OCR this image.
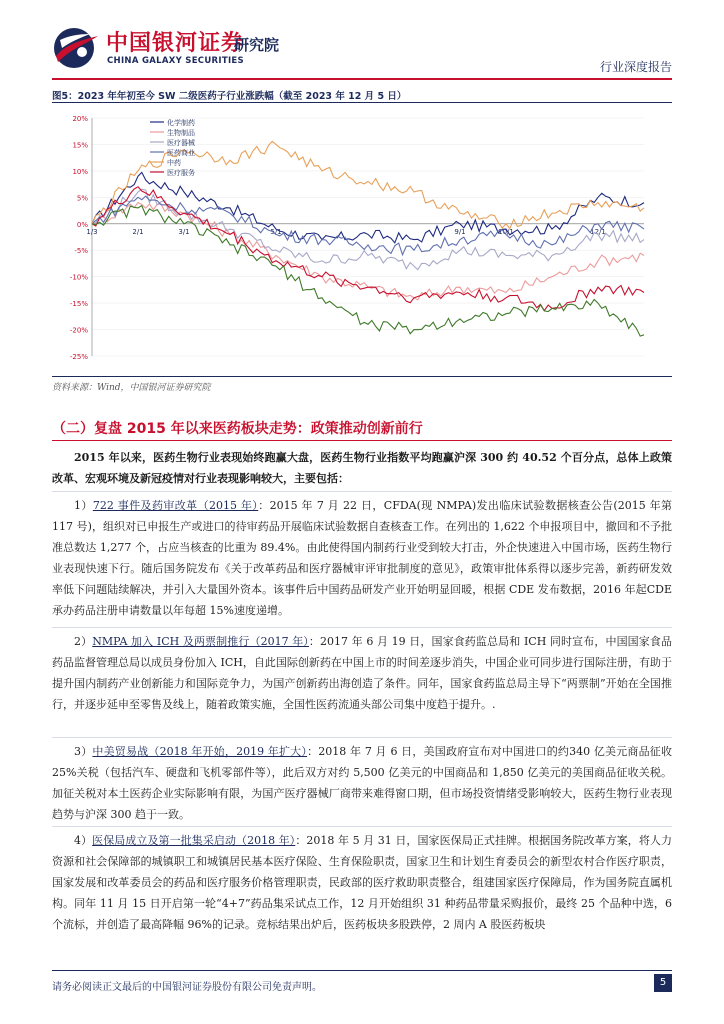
中国银河证券
CHINA GALAXY SECURITIES
研究院
行业深度报告
图5：2023 年年初至今 SW 二级医药子行业涨跌幅（截至 2023 年 12 月 5 日）
-25%
-20%
-15%
-10%
-5%
0%
5%
10%
15%
20%
1/3	2/1	3/1	5/1	9/1	10/1	12/1
化学制药
生物制品
医疗器械
医药商业
中药
医疗服务
资料来源：Wind，中国银河证券研究院
（二）复盘 2015 年以来医药板块走势：政策推动创新前行
2015 年以来，医药生物行业表现始终跑赢大盘，医药生物行业指数平均跑赢沪深 300 约 40.52 个百分点，总体上政策改革、宏观环境及新冠疫情对行业表现影响较大，主要包括：
1）722 事件及药审改革（2015 年）：2015 年 7 月 22 日，CFDA(现 NMPA)发出临床试验数据核查公告(2015 年第 117 号)，组织对已申报生产或进口的待审药品开展临床试验数据自查核查工作。在列出的 1,622 个申报项目中，撤回和不予批准总数达 1,277 个，占应当核查的比重为 89.4%。由此使得国内制药行业受到较大打击，外企快速进入中国市场，医药生物行业表现快速下行。随后国务院发布《关于改革药品和医疗器械审评审批制度的意见》，政策审批体系得以逐步完善，新药研发效率低下问题陆续解决，并引入大量国外资本。该事件后中国药品研发产业开始明显回暖，根据 CDE 发布数据，2016 年起CDE 承办药品注册申请数量以年每超 15%速度递增。
2）NMPA 加入 ICH 及两票制推行（2017 年）：2017 年 6 月 19 日，国家食药监总局和 ICH 同时宣布，中国国家食品药品监督管理总局以成员身份加入 ICH，自此国际创新药在中国上市的时间差逐步消失，中国企业可同步进行国际注册，有助于提升国内制药产业创新能力和国际竞争力，为国产创新药出海创造了条件。同年，国家食药监总局主导下“两票制”开始在全国推行，并逐步延申至零售及线上，随着政策实施，全国性医药流通头部公司集中度趋于提升。.
3）中美贸易战（2018 年开始，2019 年扩大）：2018 年 7 月 6 日，美国政府宣布对中国进口的约340 亿美元商品征收 25%关税（包括汽车、硬盘和飞机零部件等），此后双方对约 5,500 亿美元的中国商品和 1,850 亿美元的美国商品征收关税。加征关税对本土医药企业实际影响有限，为国产医疗器械厂商带来难得窗口期，但市场投资情绪受影响较大，医药生物行业表现趋势与沪深 300 趋于一致。
4）医保局成立及第一批集采启动（2018 年）：2018 年 5 月 31 日，国家医保局正式挂牌。根据国务院改革方案，将人力资源和社会保障部的城镇职工和城镇居民基本医疗保险、生育保险职责，国家卫生和计划生育委员会的新型农村合作医疗职责，国家发展和改革委员会的药品和医疗服务价格管理职责，民政部的医疗救助职责整合，组建国家医疗保障局，作为国务院直属机构。同年 11 月 15 日开启第一轮“4+7”药品集采试点工作，12 月开始组织 31 种药品带量采购报价，最终 25 个品种中选，6个流标，并创造了最高降幅 96%的记录。竞标结果出炉后，医药板块多股跌停，2 周内 A 股医药板块
请务必阅读正文最后的中国银河证券股份有限公司免责声明。	5
